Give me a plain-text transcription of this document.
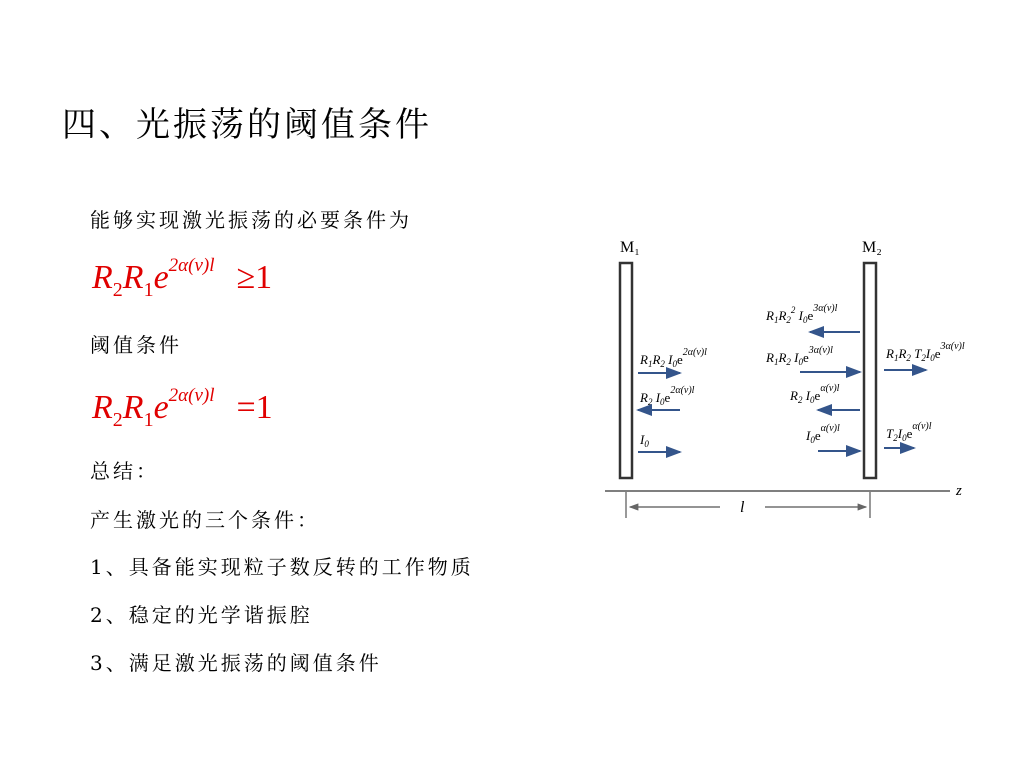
四、光振荡的阈值条件
能够实现激光振荡的必要条件为
$R_2R_1e^{2\alpha(\nu)l} \ge 1$
阈值条件
$R_2R_1e^{2\alpha(\nu)l} =1$
总结：
产生激光的三个条件：
1、具备能实现粒子数反转的工作物质
2、稳定的光学谐振腔
3、满足激光振荡的阈值条件
M₁	M₂
z
l
$R_1R_2$ $I_0e^{2\alpha(\nu)l}$
$R_2$ $I_0e^{2\alpha(\nu)l}$
$I_0$
$R_1R_2^2$ $I_0e^{3\alpha(\nu)l}$
$R_1R_2$ $I_0e^{3\alpha(\nu)l}$
$R_2$ $I_0e^{\alpha(\nu)l}$
$I_0e^{\alpha(\nu)l}$
$R_1R_2$ $T_2I_0e^{3\alpha(\nu)l}$
$T_2I_0e^{\alpha(\nu)l}$
